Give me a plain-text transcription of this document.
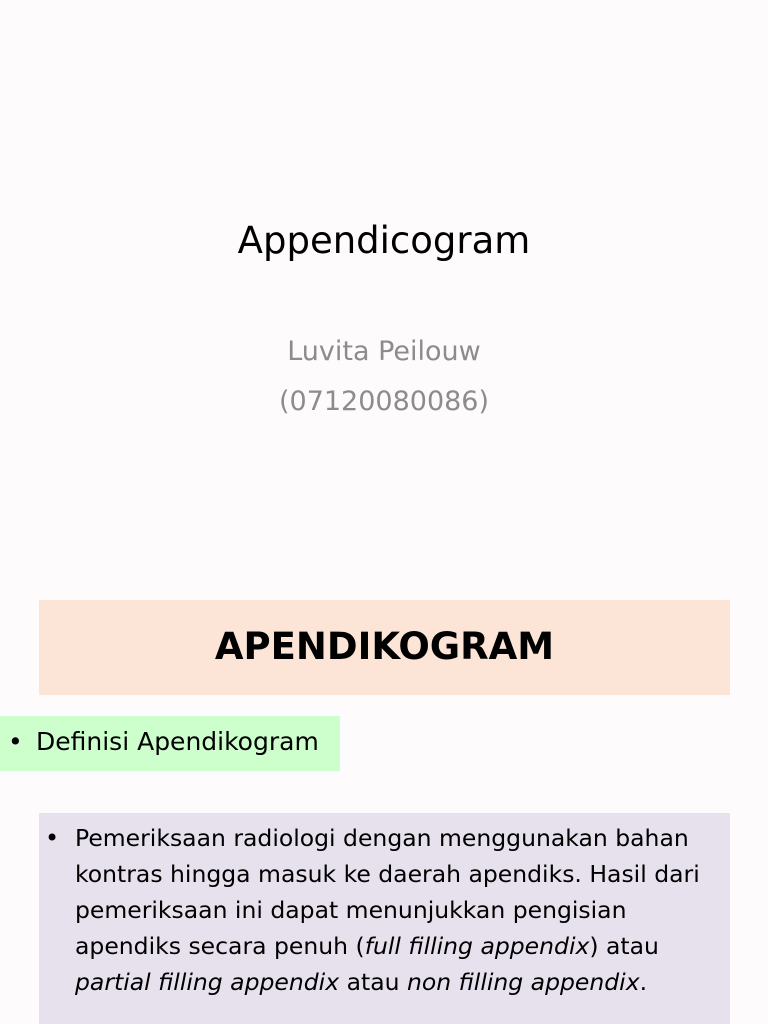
Appendicogram
Luvita Peilouw
(07120080086)
APENDIKOGRAM
• Definisi Apendikogram
• Pemeriksaan radiologi dengan menggunakan bahan kontras hingga masuk ke daerah apendiks. Hasil dari pemeriksaan ini dapat menunjukkan pengisian apendiks secara penuh (full filling appendix) atau partial filling appendix atau non filling appendix.
